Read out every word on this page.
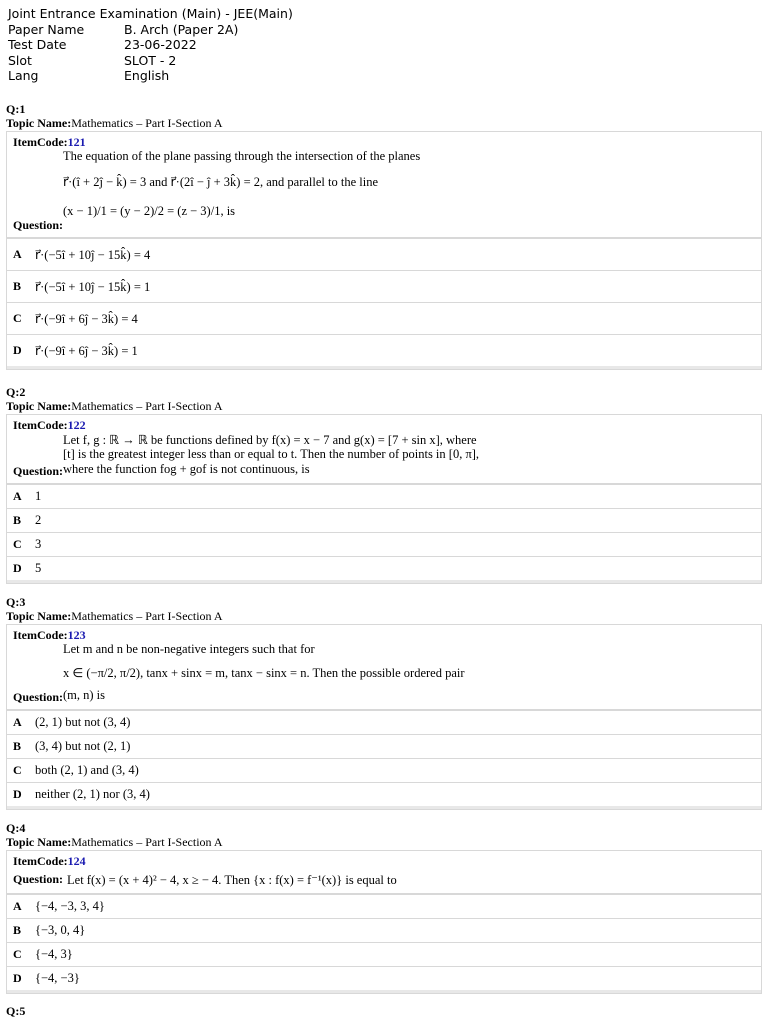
Joint Entrance Examination (Main) - JEE(Main)
Paper Name	B. Arch (Paper 2A)
Test Date	23-06-2022
Slot	SLOT - 2
Lang	English
Q:1
Topic Name:Mathematics – Part I-Section A
ItemCode:121
The equation of the plane passing through the intersection of the planes
r⃗·(î + 2ĵ − k̂) = 3 and r⃗·(2î − ĵ + 3k̂) = 2, and parallel to the line
(x − 1)/1 = (y − 2)/2 = (z − 3)/1, is
Question:
A	r⃗·(−5î + 10ĵ − 15k̂) = 4
B	r⃗·(−5î + 10ĵ − 15k̂) = 1
C	r⃗·(−9î + 6ĵ − 3k̂) = 4
D	r⃗·(−9î + 6ĵ − 3k̂) = 1
Q:2
Topic Name:Mathematics – Part I-Section A
ItemCode:122
Let f, g : ℝ → ℝ be functions defined by f(x) = x − 7 and g(x) = [7 + sin x], where
[t] is the greatest integer less than or equal to t. Then the number of points in [0, π],
where the function fog + gof is not continuous, is
Question:
A	1
B	2
C	3
D	5
Q:3
Topic Name:Mathematics – Part I-Section A
ItemCode:123
Let m and n be non-negative integers such that for
x ∈ (−π/2, π/2), tanx + sinx = m, tanx − sinx = n. Then the possible ordered pair
(m, n) is
Question:
A	(2, 1) but not (3, 4)
B	(3, 4) but not (2, 1)
C	both (2, 1) and (3, 4)
D	neither (2, 1) nor (3, 4)
Q:4
Topic Name:Mathematics – Part I-Section A
ItemCode:124
Question: Let f(x) = (x + 4)² − 4, x ≥ − 4. Then {x : f(x) = f⁻¹(x)} is equal to
A	{−4, −3, 3, 4}
B	{−3, 0, 4}
C	{−4, 3}
D	{−4, −3}
Q:5
